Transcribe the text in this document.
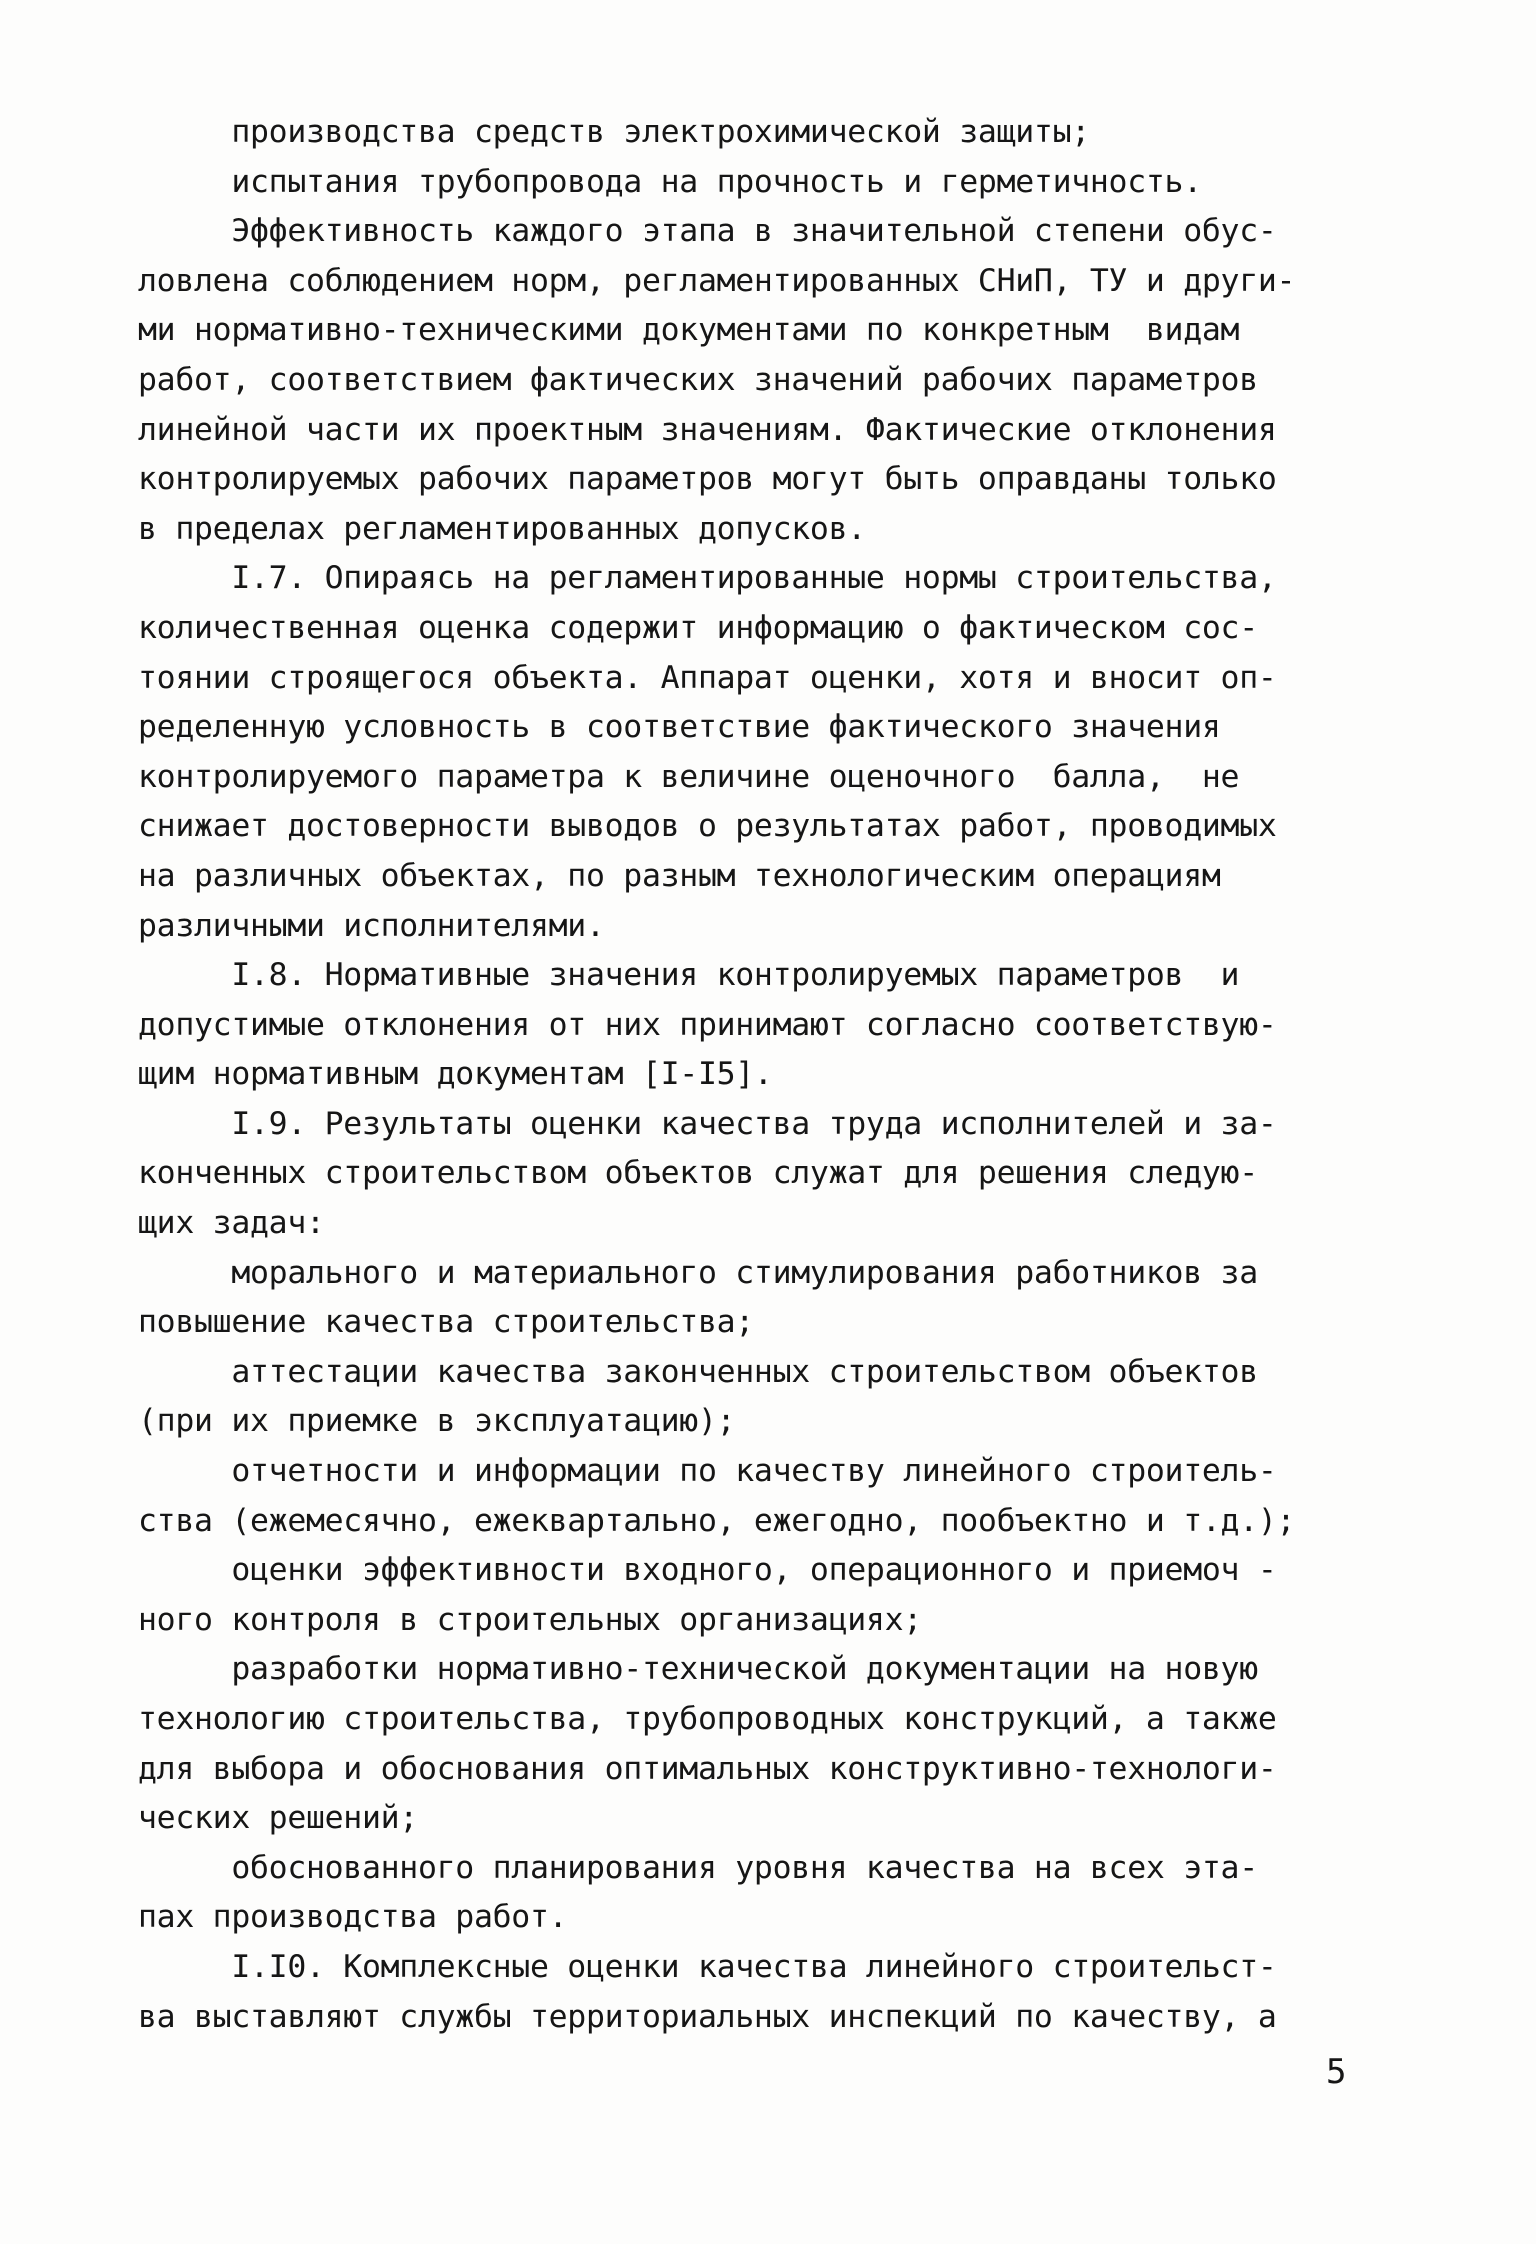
производства средств электрохимической защиты;
испытания трубопровода на прочность и герметичность.
Эффективность каждого этапа в значительной степени обус-
ловлена соблюдением норм, регламентированных СНиП, ТУ и други-
ми нормативно-техническими документами по конкретным  видам
работ, соответствием фактических значений рабочих параметров
линейной части их проектным значениям. Фактические отклонения
контролируемых рабочих параметров могут быть оправданы только
в пределах регламентированных допусков.
I.7. Опираясь на регламентированные нормы строительства,
количественная оценка содержит информацию о фактическом сос-
тоянии строящегося объекта. Аппарат оценки, хотя и вносит оп-
ределенную условность в соответствие фактического значения
контролируемого параметра к величине оценочного  балла,  не
снижает достоверности выводов о результатах работ, проводимых
на различных объектах, по разным технологическим операциям
различными исполнителями.
I.8. Нормативные значения контролируемых параметров  и
допустимые отклонения от них принимают согласно соответствую-
щим нормативным документам [I-I5].
I.9. Результаты оценки качества труда исполнителей и за-
конченных строительством объектов служат для решения следую-
щих задач:
морального и материального стимулирования работников за
повышение качества строительства;
аттестации качества законченных строительством объектов
(при их приемке в эксплуатацию);
отчетности и информации по качеству линейного строитель-
ства (ежемесячно, ежеквартально, ежегодно, пообъектно и т.д.);
оценки эффективности входного, операционного и приемоч -
ного контроля в строительных организациях;
разработки нормативно-технической документации на новую
технологию строительства, трубопроводных конструкций, а также
для выбора и обоснования оптимальных конструктивно-технологи-
ческих решений;
обоснованного планирования уровня качества на всех эта-
пах производства работ.
I.I0. Комплексные оценки качества линейного строительст-
ва выставляют службы территориальных инспекций по качеству, а
5
